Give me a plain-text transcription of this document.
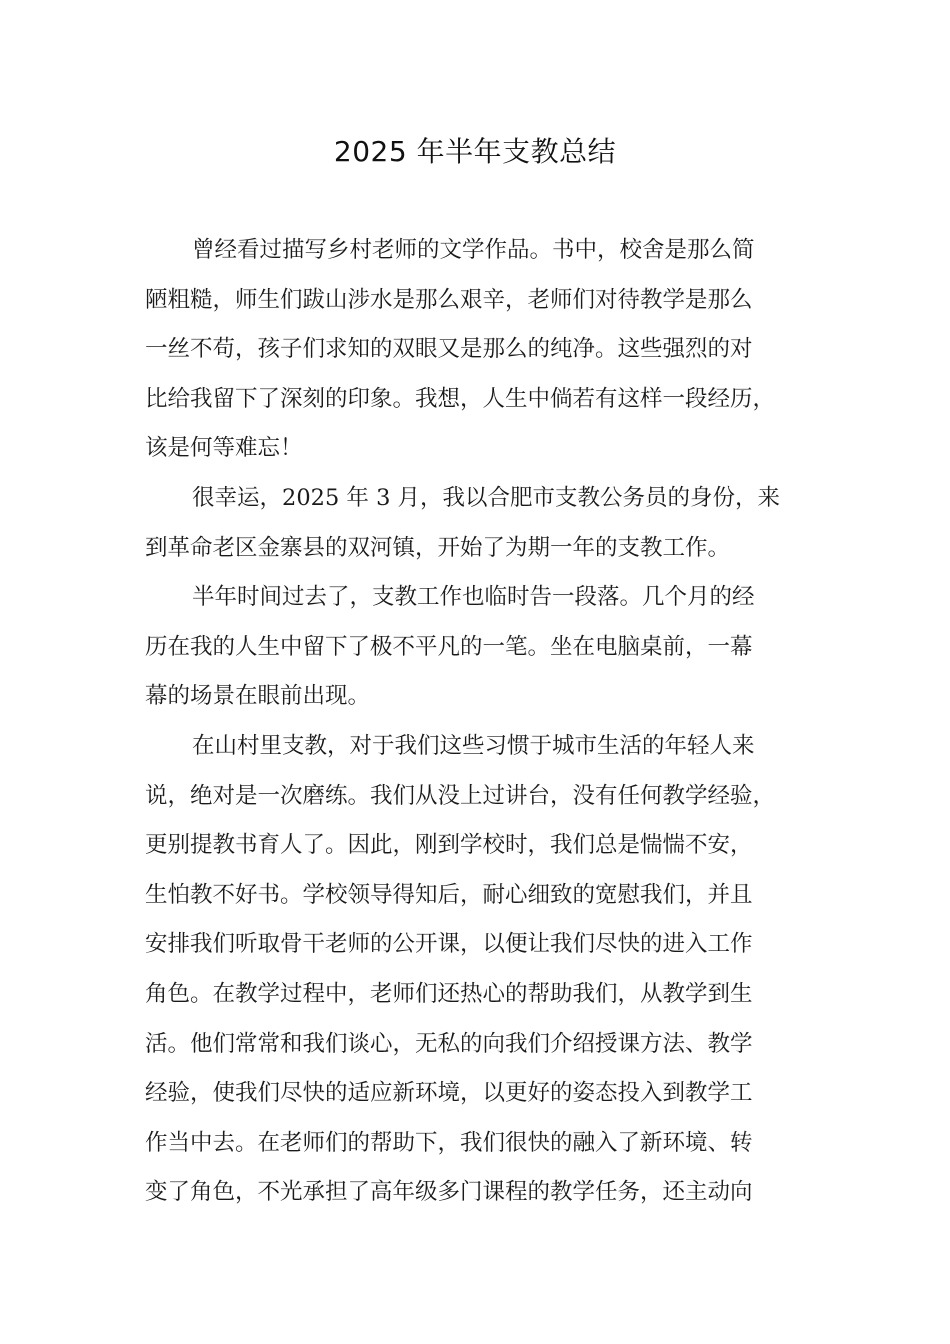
2025 年半年支教总结
曾经看过描写乡村老师的文学作品。书中，校舍是那么简
陋粗糙，师生们跋山涉水是那么艰辛，老师们对待教学是那么
一丝不苟，孩子们求知的双眼又是那么的纯净。这些强烈的对
比给我留下了深刻的印象。我想，人生中倘若有这样一段经历，
该是何等难忘！
很幸运，2025 年 3 月，我以合肥市支教公务员的身份，来
到革命老区金寨县的双河镇，开始了为期一年的支教工作。
半年时间过去了，支教工作也临时告一段落。几个月的经
历在我的人生中留下了极不平凡的一笔。坐在电脑桌前，一幕
幕的场景在眼前出现。
在山村里支教，对于我们这些习惯于城市生活的年轻人来
说，绝对是一次磨练。我们从没上过讲台，没有任何教学经验，
更别提教书育人了。因此，刚到学校时，我们总是惴惴不安，
生怕教不好书。学校领导得知后，耐心细致的宽慰我们，并且
安排我们听取骨干老师的公开课，以便让我们尽快的进入工作
角色。在教学过程中，老师们还热心的帮助我们，从教学到生
活。他们常常和我们谈心，无私的向我们介绍授课方法、教学
经验，使我们尽快的适应新环境，以更好的姿态投入到教学工
作当中去。在老师们的帮助下，我们很快的融入了新环境、转
变了角色，不光承担了高年级多门课程的教学任务，还主动向
